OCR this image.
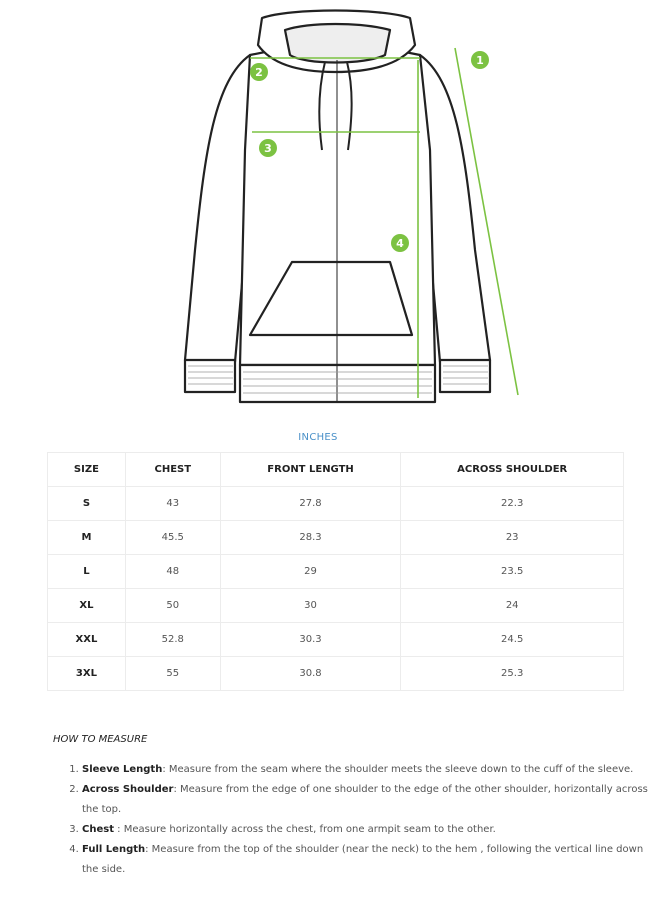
1
2
3
4
INCHES
SIZE	CHEST	FRONT LENGTH	ACROSS SHOULDER
S	43	27.8	22.3
M	45.5	28.3	23
L	48	29	23.5
XL	50	30	24
XXL	52.8	30.3	24.5
3XL	55	30.8	25.3
HOW TO MEASURE
1. Sleeve Length: Measure from the seam where the shoulder meets the sleeve down to the cuff of the sleeve.
2. Across Shoulder: Measure from the edge of one shoulder to the edge of the other shoulder, horizontally across the top.
3. Chest : Measure horizontally across the chest, from one armpit seam to the other.
4. Full Length: Measure from the top of the shoulder (near the neck) to the hem , following the vertical line down the side.
